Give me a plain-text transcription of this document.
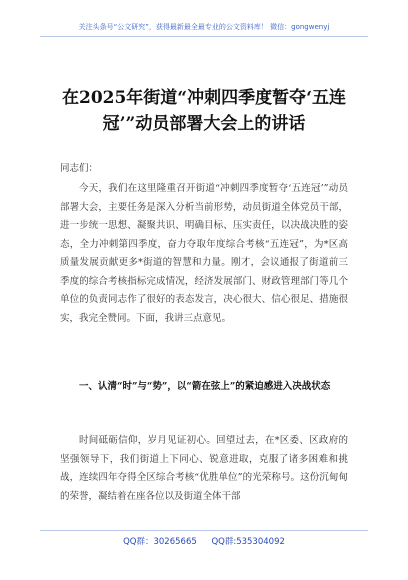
关注头条号“公文研究”，获得最新最全最专业的公文资料库！ 微信：gongwenyj
在2025年街道“冲刺四季度暂夺‘五连冠’”动员部署大会上的讲话
同志们：

今天，我们在这里隆重召开街道“冲刺四季度暂夺‘五连冠’”动员部署大会，主要任务是深入分析当前形势，动员街道全体党员干部，进一步统一思想、凝聚共识、明确目标、压实责任，以决战决胜的姿态，全力冲刺第四季度，奋力夺取年度综合考核“五连冠”，为*区高质量发展贡献更多*街道的智慧和力量。刚才，会议通报了街道前三季度的综合考核指标完成情况，经济发展部门、财政管理部门等几个单位的负责同志作了很好的表态发言，决心很大、信心很足、措施很实，我完全赞同。下面，我讲三点意见。

一、认清“时”与“势”，以“箭在弦上”的紧迫感进入决战状态

时间砥砺信仰，岁月见证初心。回望过去，在*区委、区政府的坚强领导下，我们街道上下同心、锐意进取，克服了诸多困难和挑战，连续四年夺得全区综合考核“优胜单位”的光荣称号。这份沉甸甸的荣誉，凝结着在座各位以及街道全体干部

QQ群：30265665 QQ群:535304092
